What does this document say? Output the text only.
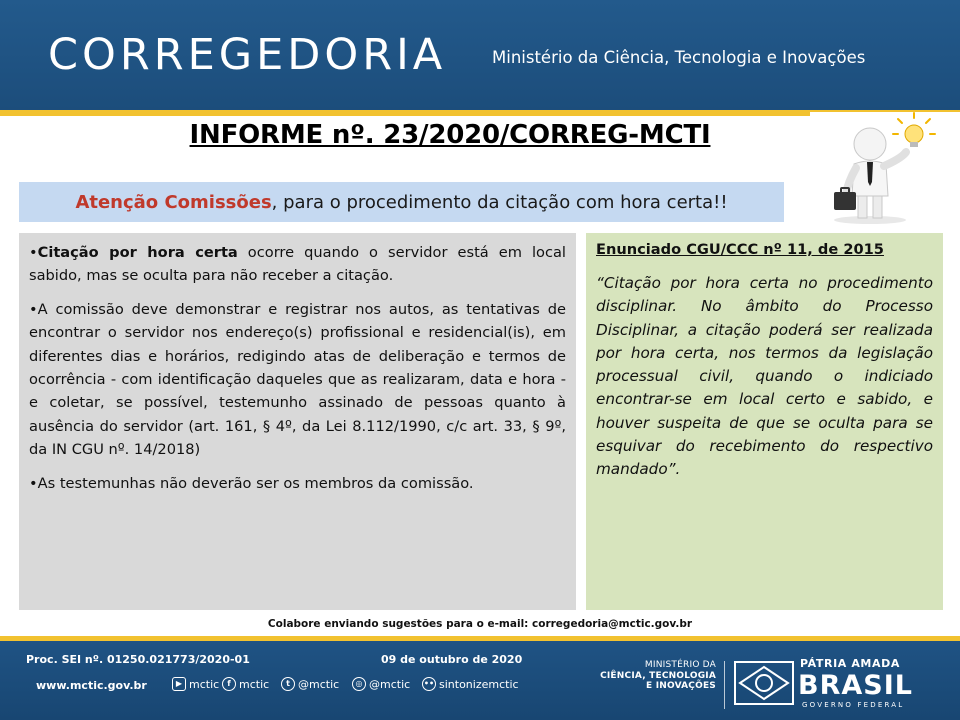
CORREGEDORIA	Ministério da Ciência, Tecnologia e Inovações
INFORME nº. 23/2020/CORREG-MCTI
Atenção Comissões , para o procedimento da citação com hora certa!!

•Citação por hora certa ocorre quando o servidor está em local sabido, mas se oculta para não receber a citação.

•A comissão deve demonstrar e registrar nos autos, as tentativas de encontrar o servidor nos endereço(s) profissional e residencial(is), em diferentes dias e horários, redigindo atas de deliberação e termos de ocorrência - com identificação daqueles que as realizaram, data e hora - e coletar, se possível, testemunho assinado de pessoas quanto à ausência do servidor (art. 161, § 4º, da Lei 8.112/1990, c/c art. 33, § 9º, da IN CGU nº. 14/2018)

•As testemunhas não deverão ser os membros da comissão.

Enunciado CGU/CCC nº 11, de 2015
“Citação por hora certa no procedimento disciplinar. No âmbito do Processo Disciplinar, a citação poderá ser realizada por hora certa, nos termos da legislação processual civil, quando o indiciado encontrar-se em local certo e sabido, e houver suspeita de que se oculta para se esquivar do recebimento do respectivo mandado”.
Colabore enviando sugestões para o e-mail: corregedoria@mctic.gov.br
Proc. SEI nº. 01250.021773/2020-01	09 de outubro de 2020
www.mctic.gov.br	▶ mctic	f mctic	t @mctic	◎ @mctic •• sintonizemctic
MINISTÉRIO DA
CIÊNCIA, TECNOLOGIA
E INOVAÇÕES
PÁTRIA AMADA
BRASIL
GOVERNO FEDERAL
